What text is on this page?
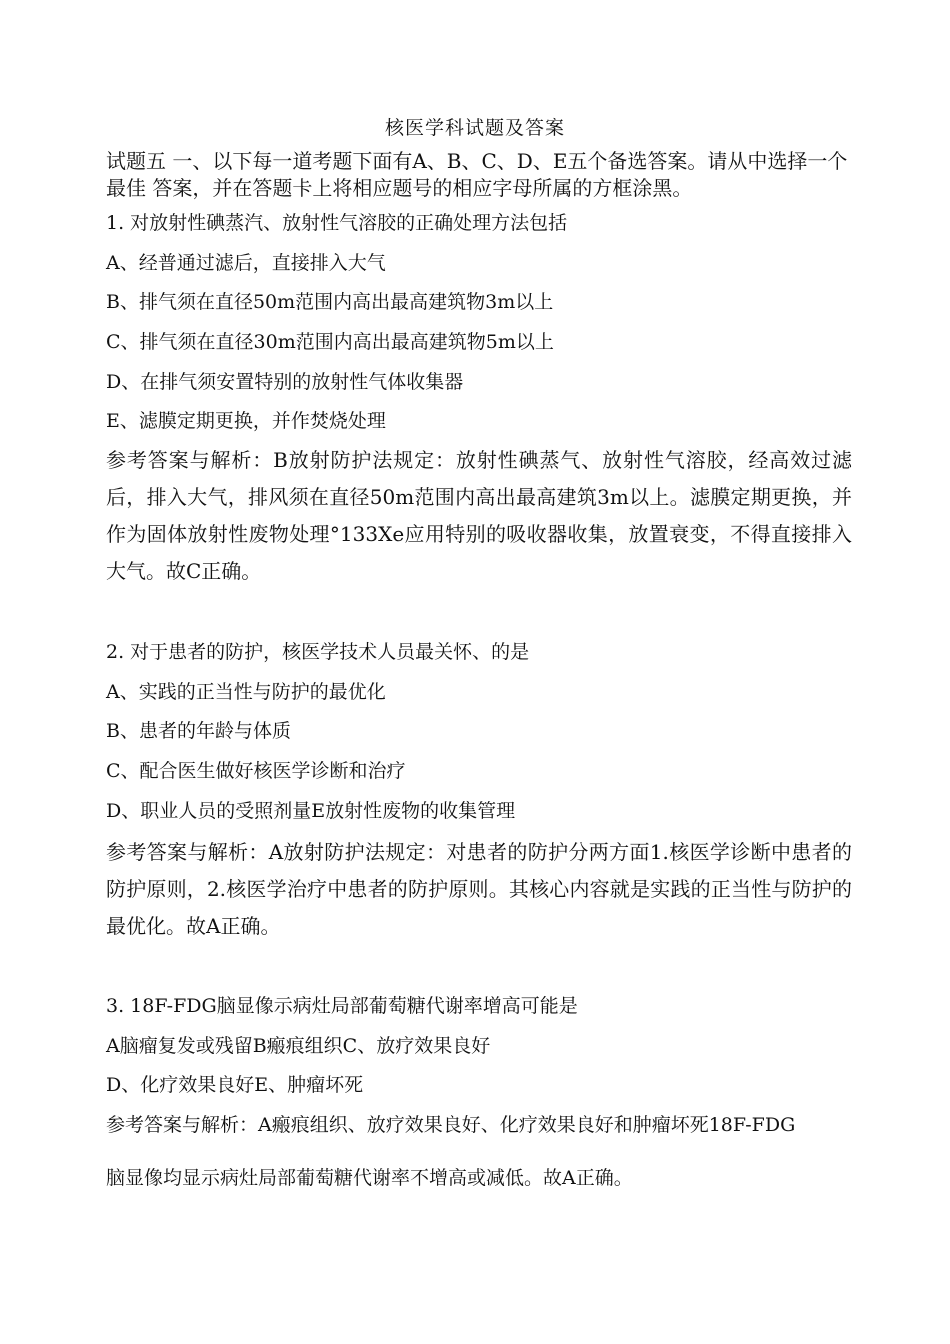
核医学科试题及答案
试题五 一、以下每一道考题下面有A、B、C、D、E五个备选答案。请从中选择一个最佳 答案，并在答题卡上将相应题号的相应字母所属的方框涂黑。
1. 对放射性碘蒸汽、放射性气溶胶的正确处理方法包括
A、经普通过滤后，直接排入大气
B、排气须在直径50m范围内高出最高建筑物3m以上
C、排气须在直径30m范围内高出最高建筑物5m以上
D、在排气须安置特别的放射性气体收集器
E、滤膜定期更换，并作焚烧处理
参考答案与解析：B放射防护法规定：放射性碘蒸气、放射性气溶胶，经高效过滤后，排入大气，排风须在直径50m范围内高出最高建筑3m以上。滤膜定期更换，并作为固体放射性废物处理°133Xe应用特别的吸收器收集，放置衰变，不得直接排入大气。故C正确。
2. 对于患者的防护，核医学技术人员最关怀、的是
A、实践的正当性与防护的最优化
B、患者的年龄与体质
C、配合医生做好核医学诊断和治疗
D、职业人员的受照剂量E放射性废物的收集管理
参考答案与解析：A放射防护法规定：对患者的防护分两方面1.核医学诊断中患者的防护原则，2.核医学治疗中患者的防护原则。其核心内容就是实践的正当性与防护的最优化。故A正确。
3. 18F-FDG脑显像示病灶局部葡萄糖代谢率增高可能是
A脑瘤复发或残留B瘢痕组织C、放疗效果良好
D、化疗效果良好E、肿瘤坏死
参考答案与解析：A瘢痕组织、放疗效果良好、化疗效果良好和肿瘤坏死18F-FDG
脑显像均显示病灶局部葡萄糖代谢率不增高或减低。故A正确。
